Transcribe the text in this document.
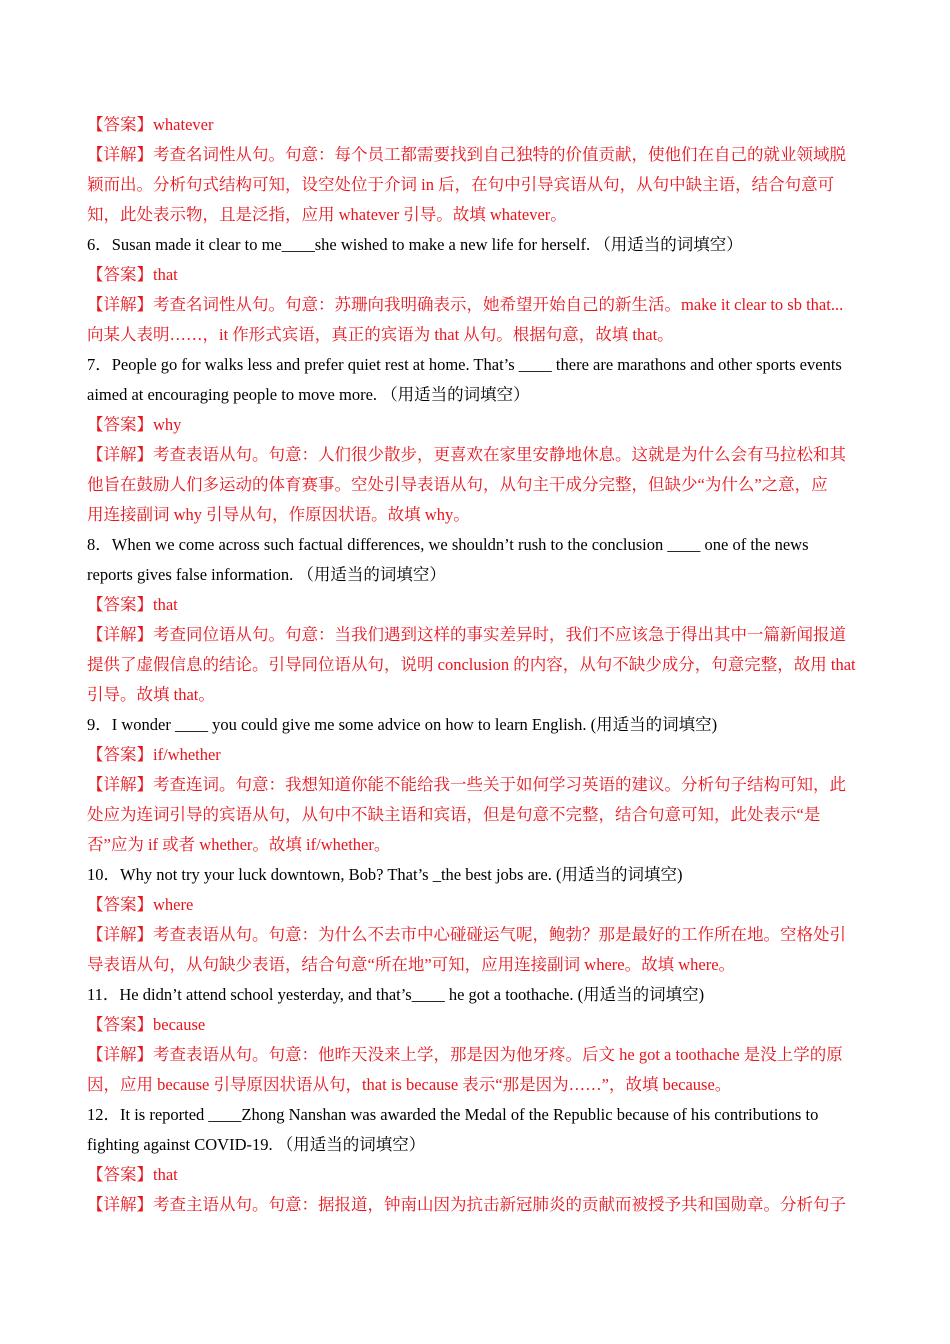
【答案】whatever
【详解】考查名词性从句。句意：每个员工都需要找到自己独特的价值贡献，使他们在自己的就业领域脱
颖而出。分析句式结构可知，设空处位于介词 in 后，在句中引导宾语从句，从句中缺主语，结合句意可
知，此处表示物，且是泛指，应用 whatever 引导。故填 whatever。
6．Susan made it clear to me____she wished to make a new life for herself. （用适当的词填空）
【答案】that
【详解】考查名词性从句。句意：苏珊向我明确表示，她希望开始自己的新生活。make it clear to sb that...
向某人表明……，it 作形式宾语，真正的宾语为 that 从句。根据句意，故填 that。
7．People go for walks less and prefer quiet rest at home. That’s ____ there are marathons and other sports events
aimed at encouraging people to move more. （用适当的词填空）
【答案】why
【详解】考查表语从句。句意：人们很少散步，更喜欢在家里安静地休息。这就是为什么会有马拉松和其
他旨在鼓励人们多运动的体育赛事。空处引导表语从句，从句主干成分完整，但缺少“为什么”之意，应
用连接副词 why 引导从句，作原因状语。故填 why。
8．When we come across such factual differences, we shouldn’t rush to the conclusion ____ one of the news
reports gives false information. （用适当的词填空）
【答案】that
【详解】考查同位语从句。句意：当我们遇到这样的事实差异时，我们不应该急于得出其中一篇新闻报道
提供了虚假信息的结论。引导同位语从句，说明 conclusion 的内容，从句不缺少成分，句意完整，故用 that
引导。故填 that。
9．I wonder ____ you could give me some advice on how to learn English. (用适当的词填空)
【答案】if/whether
【详解】考查连词。句意：我想知道你能不能给我一些关于如何学习英语的建议。分析句子结构可知，此
处应为连词引导的宾语从句，从句中不缺主语和宾语，但是句意不完整，结合句意可知，此处表示“是
否”应为 if 或者 whether。故填 if/whether。
10．Why not try your luck downtown, Bob? That’s _the best jobs are. (用适当的词填空)
【答案】where
【详解】考查表语从句。句意：为什么不去市中心碰碰运气呢，鲍勃？那是最好的工作所在地。空格处引
导表语从句，从句缺少表语，结合句意“所在地”可知，应用连接副词 where。故填 where。
11．He didn’t attend school yesterday, and that’s____ he got a toothache. (用适当的词填空)
【答案】because
【详解】考查表语从句。句意：他昨天没来上学，那是因为他牙疼。后文 he got a toothache 是没上学的原
因，应用 because 引导原因状语从句，that is because 表示“那是因为……”，故填 because。
12．It is reported ____Zhong Nanshan was awarded the Medal of the Republic because of his contributions to
fighting against COVID-19. （用适当的词填空）
【答案】that
【详解】考查主语从句。句意：据报道，钟南山因为抗击新冠肺炎的贡献而被授予共和国勋章。分析句子
